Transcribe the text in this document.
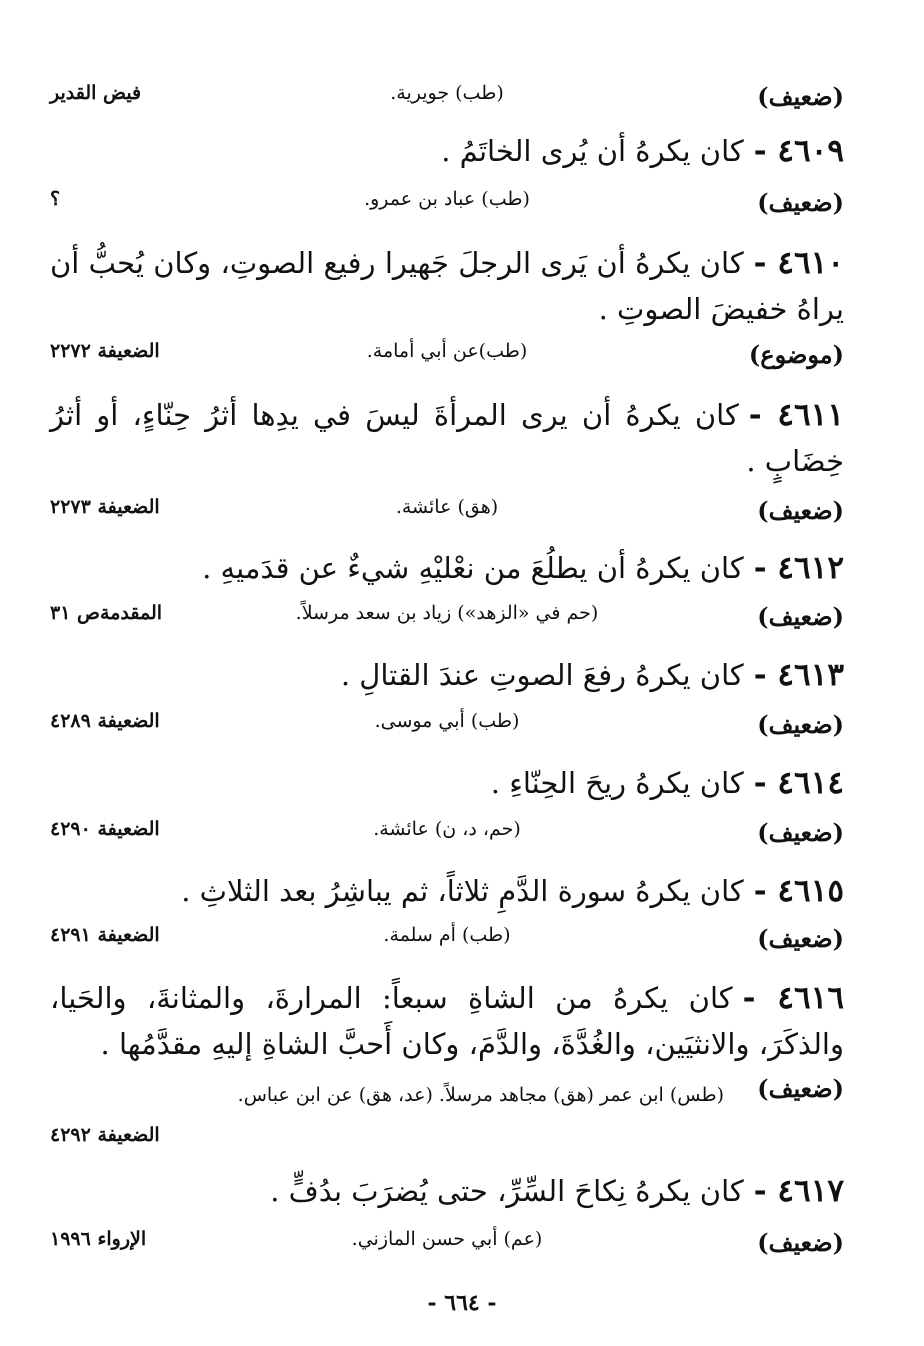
(ضعيف)
(طب) جويرية.
فيض القدير
٤٦٠٩ -كان يكرهُ أن يُرى الخاتَمُ .
(ضعيف)
(طب) عباد بن عمرو.
؟
٤٦١٠ -كان يكرهُ أن يَرى الرجلَ جَهيرا رفيع الصوتِ، وكان يُحبُّ أن يراهُ خفيضَ الصوتِ .
(موضوع)
(طب)عن أبي أمامة.
الضعيفة ٢٢٧٢
٤٦١١ -كان يكرهُ أن يرى المرأةَ ليسَ في يدِها أثرُ حِنّاءٍ، أو أثرُ خِضَابٍ .
(ضعيف)
(هق) عائشة.
الضعيفة ٢٢٧٣
٤٦١٢ -كان يكرهُ أن يطلُعَ من نعْليْهِ شيءٌ عن قدَميهِ .
(ضعيف)
(حم في «الزهد») زياد بن سعد مرسلاً.
المقدمةص ٣١
٤٦١٣ -كان يكرهُ رفعَ الصوتِ عندَ القتالِ .
(ضعيف)
(طب) أبي موسى.
الضعيفة ٤٢٨٩
٤٦١٤ -كان يكرهُ ريحَ الحِنّاءِ .
(ضعيف)
(حم، د، ن) عائشة.
الضعيفة ٤٢٩٠
٤٦١٥ -كان يكرهُ سورة الدَّمِ ثلاثاً، ثم يباشِرُ بعد الثلاثِ .
(ضعيف)
(طب) أم سلمة.
الضعيفة ٤٢٩١
٤٦١٦ -كان يكرهُ من الشاةِ سبعاً: المرارةَ، والمثانةَ، والحَيا، والذكَرَ، والانثيَين، والغُدَّةَ، والدَّمَ، وكان أَحبَّ الشاةِ إليهِ مقدَّمُها .
(ضعيف)
(طس) ابن عمر (هق) مجاهد مرسلاً. (عد، هق) عن ابن عباس.
الضعيفة ٤٢٩٢
٤٦١٧ -كان يكرهُ نِكاحَ السِّرِّ، حتى يُضرَبَ بدُفٍّ .
(ضعيف)
(عم) أبي حسن المازني.
الإرواء ١٩٩٦
- ٦٦٤ -
